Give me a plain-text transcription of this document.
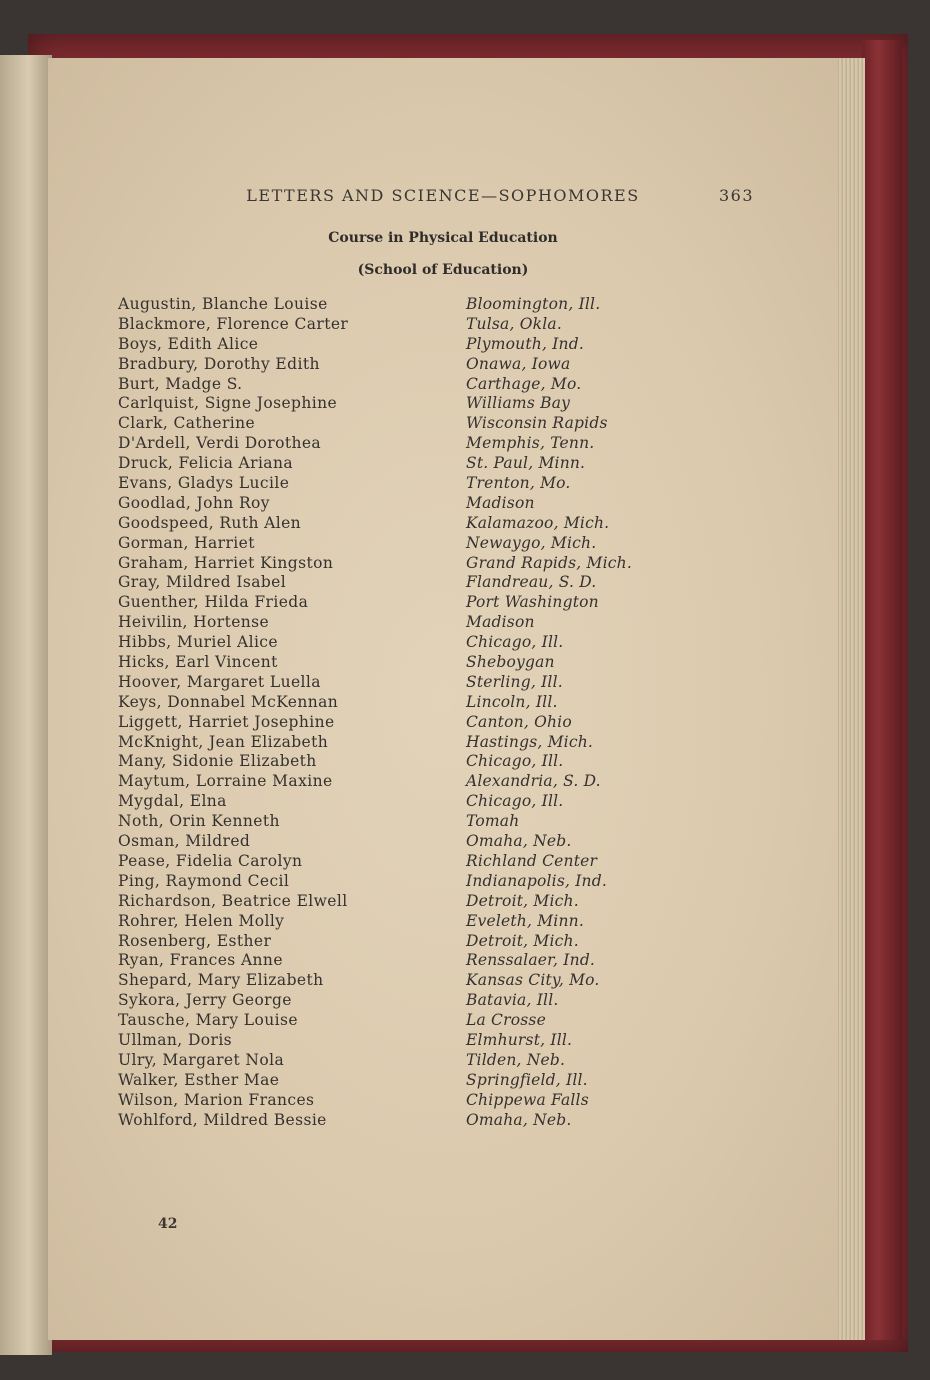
LETTERS AND SCIENCE—SOPHOMORES	363
Course in Physical Education
(School of Education)
Augustin, Blanche Louise	Bloomington, Ill.
Blackmore, Florence Carter	Tulsa, Okla.
Boys, Edith Alice	Plymouth, Ind.
Bradbury, Dorothy Edith	Onawa, Iowa
Burt, Madge S.	Carthage, Mo.
Carlquist, Signe Josephine	Williams Bay
Clark, Catherine	Wisconsin Rapids
D'Ardell, Verdi Dorothea	Memphis, Tenn.
Druck, Felicia Ariana	St. Paul, Minn.
Evans, Gladys Lucile	Trenton, Mo.
Goodlad, John Roy	Madison
Goodspeed, Ruth Alen	Kalamazoo, Mich.
Gorman, Harriet	Newaygo, Mich.
Graham, Harriet Kingston	Grand Rapids, Mich.
Gray, Mildred Isabel	Flandreau, S. D.
Guenther, Hilda Frieda	Port Washington
Heivilin, Hortense	Madison
Hibbs, Muriel Alice	Chicago, Ill.
Hicks, Earl Vincent	Sheboygan
Hoover, Margaret Luella	Sterling, Ill.
Keys, Donnabel McKennan	Lincoln, Ill.
Liggett, Harriet Josephine	Canton, Ohio
McKnight, Jean Elizabeth	Hastings, Mich.
Many, Sidonie Elizabeth	Chicago, Ill.
Maytum, Lorraine Maxine	Alexandria, S. D.
Mygdal, Elna	Chicago, Ill.
Noth, Orin Kenneth	Tomah
Osman, Mildred	Omaha, Neb.
Pease, Fidelia Carolyn	Richland Center
Ping, Raymond Cecil	Indianapolis, Ind.
Richardson, Beatrice Elwell	Detroit, Mich.
Rohrer, Helen Molly	Eveleth, Minn.
Rosenberg, Esther	Detroit, Mich.
Ryan, Frances Anne	Renssalaer, Ind.
Shepard, Mary Elizabeth	Kansas City, Mo.
Sykora, Jerry George	Batavia, Ill.
Tausche, Mary Louise	La Crosse
Ullman, Doris	Elmhurst, Ill.
Ulry, Margaret Nola	Tilden, Neb.
Walker, Esther Mae	Springfield, Ill.
Wilson, Marion Frances	Chippewa Falls
Wohlford, Mildred Bessie	Omaha, Neb.
42
